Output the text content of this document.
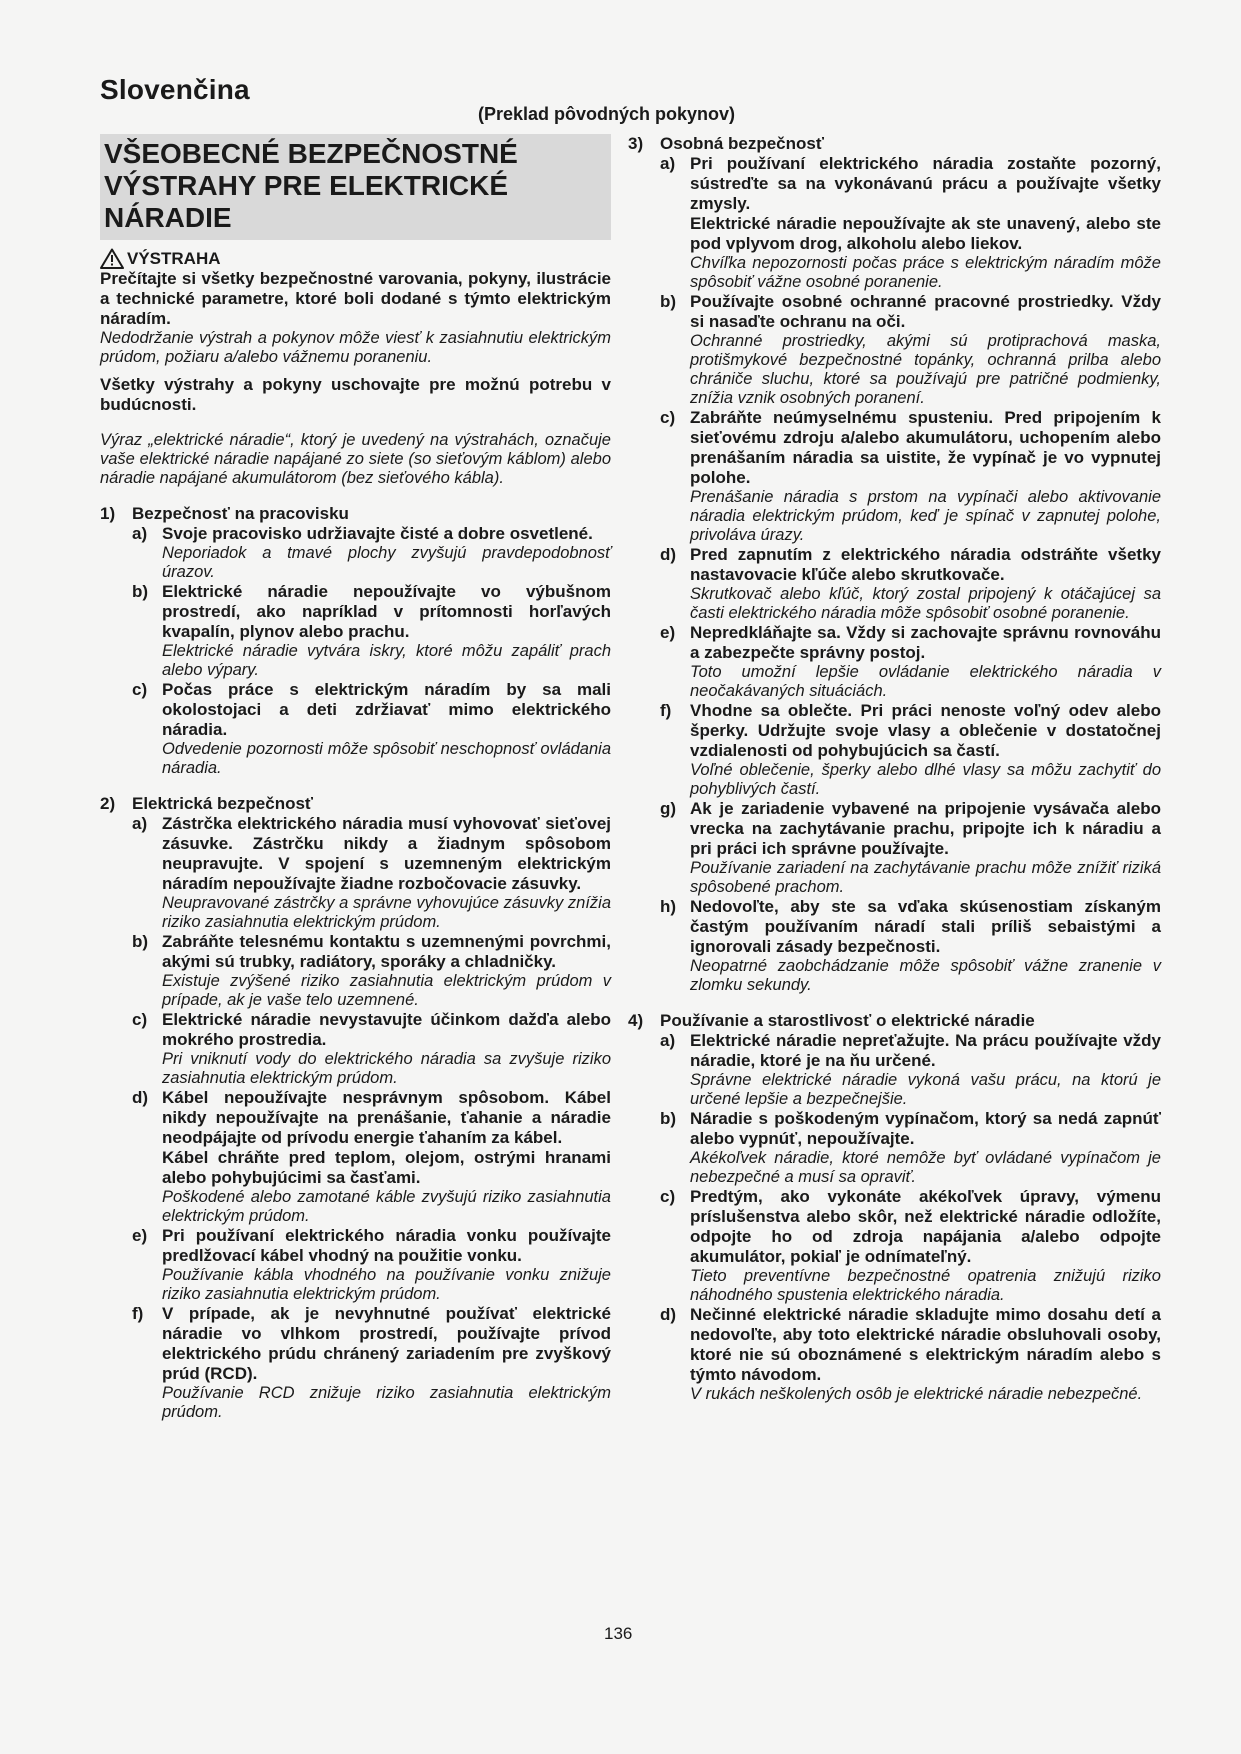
Slovenčina
(Preklad pôvodných pokynov)
VŠEOBECNÉ BEZPEČNOSTNÉ
VÝSTRAHY PRE ELEKTRICKÉ
NÁRADIE
VÝSTRAHA

Prečítajte si všetky bezpečnostné varovania, pokyny, ilustrácie a technické parametre, ktoré boli dodané s týmto elektrickým náradím.

Nedodržanie výstrah a pokynov môže viesť k zasiahnutiu elektrickým prúdom, požiaru a/alebo vážnemu poraneniu.

Všetky výstrahy a pokyny uschovajte pre možnú potrebu v budúcnosti.

Výraz „elektrické náradie“, ktorý je uvedený na výstrahách, označuje vaše elektrické náradie napájané zo siete (so sieťovým káblom) alebo náradie napájané akumulátorom (bez sieťového kábla).

1) Bezpečnosť na pracovisku
a) Svoje pracovisko udržiavajte čisté a dobre osvetlené.

Neporiadok a tmavé plochy zvyšujú pravdepodobnosť úrazov.

b) Elektrické náradie nepoužívajte vo výbušnom prostredí, ako napríklad v prítomnosti horľavých kvapalín, plynov alebo prachu.

Elektrické náradie vytvára iskry, ktoré môžu zapáliť prach alebo výpary.

c) Počas práce s elektrickým náradím by sa mali okolostojaci a deti zdržiavať mimo elektrického náradia.

Odvedenie pozornosti môže spôsobiť neschopnosť ovládania náradia.

2) Elektrická bezpečnosť
a) Zástrčka elektrického náradia musí vyhovovať sieťovej zásuvke. Zástrčku nikdy a žiadnym spôsobom neupravujte. V spojení s uzemneným elektrickým náradím nepoužívajte žiadne rozbočovacie zásuvky.

Neupravované zástrčky a správne vyhovujúce zásuvky znížia riziko zasiahnutia elektrickým prúdom.

b) Zabráňte telesnému kontaktu s uzemnenými povrchmi, akými sú trubky, radiátory, sporáky a chladničky.

Existuje zvýšené riziko zasiahnutia elektrickým prúdom v prípade, ak je vaše telo uzemnené.

c) Elektrické náradie nevystavujte účinkom dažďa alebo mokrého prostredia.

Pri vniknutí vody do elektrického náradia sa zvyšuje riziko zasiahnutia elektrickým prúdom.

d) Kábel nepoužívajte nesprávnym spôsobom. Kábel nikdy nepoužívajte na prenášanie, ťahanie a náradie neodpájajte od prívodu energie ťahaním za kábel.

Kábel chráňte pred teplom, olejom, ostrými hranami alebo pohybujúcimi sa časťami.

Poškodené alebo zamotané káble zvyšujú riziko zasiahnutia elektrickým prúdom.

e) Pri používaní elektrického náradia vonku používajte predlžovací kábel vhodný na použitie vonku.

Používanie kábla vhodného na používanie vonku znižuje riziko zasiahnutia elektrickým prúdom.

f)	V prípade, ak je nevyhnutné používať elektrické náradie vo vlhkom prostredí, používajte prívod elektrického prúdu chránený zariadením pre zvyškový prúd (RCD).

Používanie RCD znižuje riziko zasiahnutia elektrickým prúdom.

3) Osobná bezpečnosť
a) Pri používaní elektrického náradia zostaňte pozorný, sústreďte sa na vykonávanú prácu a používajte všetky zmysly.

Elektrické náradie nepoužívajte ak ste unavený, alebo ste pod vplyvom drog, alkoholu alebo liekov.

Chvíľka nepozornosti počas práce s elektrickým náradím môže spôsobiť vážne osobné poranenie.

b) Používajte osobné ochranné pracovné prostriedky. Vždy si nasaďte ochranu na oči.

Ochranné prostriedky, akými sú protiprachová maska, protišmykové bezpečnostné topánky, ochranná prilba alebo chrániče sluchu, ktoré sa používajú pre patričné podmienky, znížia vznik osobných poranení.

c) Zabráňte neúmyselnému spusteniu. Pred pripojením k sieťovému zdroju a/alebo akumulátoru, uchopením alebo prenášaním náradia sa uistite, že vypínač je vo vypnutej polohe.

Prenášanie náradia s prstom na vypínači alebo aktivovanie náradia elektrickým prúdom, keď je spínač v zapnutej polohe, privoláva úrazy.

d) Pred zapnutím z elektrického náradia odstráňte všetky nastavovacie kľúče alebo skrutkovače.

Skrutkovač alebo kľúč, ktorý zostal pripojený k otáčajúcej sa časti elektrického náradia môže spôsobiť osobné poranenie.

e) Nepredkláňajte sa. Vždy si zachovajte správnu rovnováhu a zabezpečte správny postoj.

Toto umožní lepšie ovládanie elektrického náradia v neočakávaných situáciách.

f)	Vhodne sa oblečte. Pri práci nenoste voľný odev alebo šperky. Udržujte svoje vlasy a oblečenie v dostatočnej vzdialenosti od pohybujúcich sa častí.

Voľné oblečenie, šperky alebo dlhé vlasy sa môžu zachytiť do pohyblivých častí.

g) Ak je zariadenie vybavené na pripojenie vysávača alebo vrecka na zachytávanie prachu, pripojte ich k náradiu a pri práci ich správne používajte.

Používanie zariadení na zachytávanie prachu môže znížiť riziká spôsobené prachom.

h) Nedovoľte, aby ste sa vďaka skúsenostiam získaným častým používaním náradí stali príliš sebaistými a ignorovali zásady bezpečnosti.

Neopatrné zaobchádzanie môže spôsobiť vážne zranenie v zlomku sekundy.

4) Používanie a starostlivosť o elektrické náradie
a) Elektrické náradie nepreťažujte. Na prácu používajte vždy náradie, ktoré je na ňu určené.

Správne elektrické náradie vykoná vašu prácu, na ktorú je určené lepšie a bezpečnejšie.

b) Náradie s poškodeným vypínačom, ktorý sa nedá zapnúť alebo vypnúť, nepoužívajte.

Akékoľvek náradie, ktoré nemôže byť ovládané vypínačom je nebezpečné a musí sa opraviť.

c) Predtým, ako vykonáte akékoľvek úpravy, výmenu príslušenstva alebo skôr, než elektrické náradie odložíte, odpojte ho od zdroja napájania a/alebo odpojte akumulátor, pokiaľ je odnímateľný.

Tieto preventívne bezpečnostné opatrenia znižujú riziko náhodného spustenia elektrického náradia.

d) Nečinné elektrické náradie skladujte mimo dosahu detí a nedovoľte, aby toto elektrické náradie obsluhovali osoby, ktoré nie sú oboznámené s elektrickým náradím alebo s týmto návodom.

V rukách neškolených osôb je elektrické náradie nebezpečné.

136
